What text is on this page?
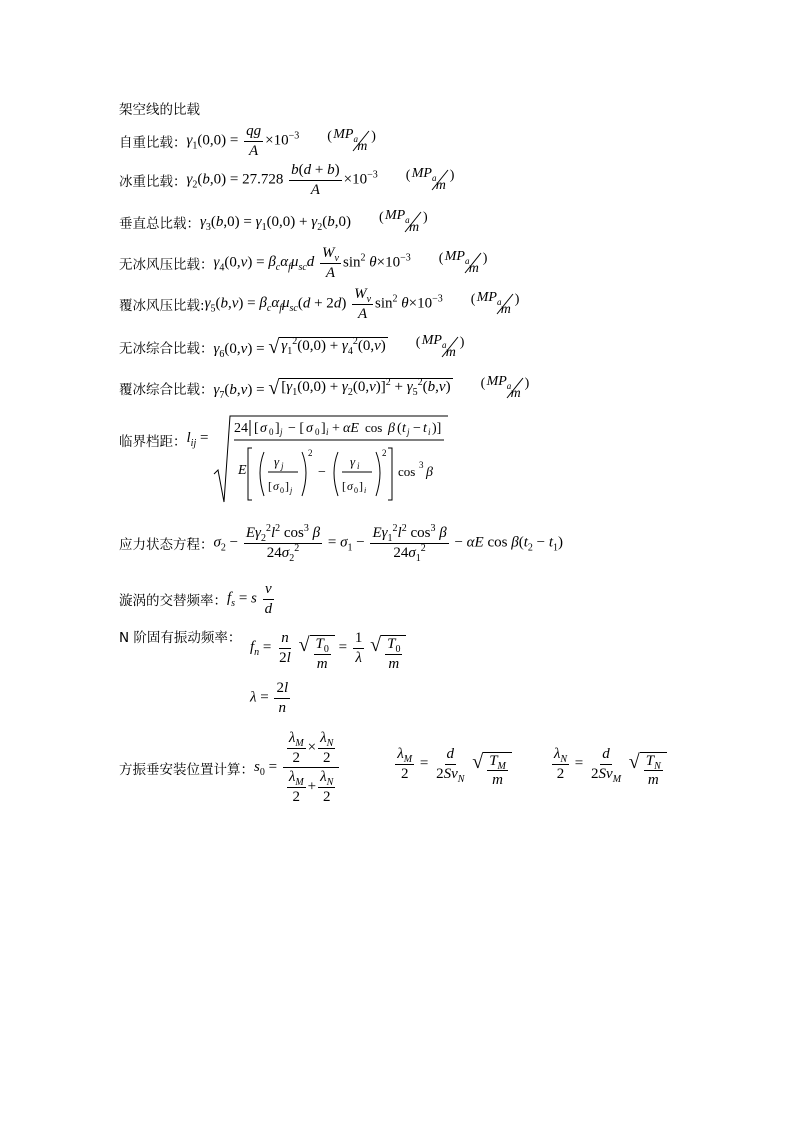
架空线的比载
自重比载： $\gamma_1(0,0) = \frac{qg}{A} \times 10^{-3}$ ( $MP_a$
m
)
冰重比载： $\gamma_2(b,0) = 27.728 \frac{b(d + b)}{A} \times 10^{-3}$ ( $MP_a$
m
)
垂直总比载： $\gamma_3(b,0) = \gamma_1(0,0) + \gamma_2(b,0)$ ( $MP_a$
m
)
无冰风压比载： $\gamma_4(0,v) = \beta_c\alpha_f\mu_{sc}d \frac{W_v}{A} \sin^2 \theta\times 10^{-3}$ ( $MP_a$
m
)
覆冰风压比载: $\gamma_5(b,v) = \beta_c\alpha_f\mu_{sc}(d + 2d) \frac{W_v}{A} \sin^2 \theta\times 10^{-3}$ ( $MP_a$
m
)
无冰综合比载： $\gamma_6(0,v)$ = √ $\gamma_1^2(0,0) + \gamma_4^2(0,v)$ ( $MP_a$
m
)
覆冰综合比载： $\gamma_7(b,v)$ = √ $[\gamma_1(0,0) + \gamma_2(0,v)]^2 + \gamma_5^2(b,v)$ ( $MP_a$
m
)
临界档距： $l_{ij}$ =
24 [ σ 0 ] j − [ σ 0 ] i + αE cos β ( t j − t i )]
E
γ j
[ σ 0 ] j
2
−
γ i
[ σ 0 ] i
2
cos 3 β
应力状态方程： $\sigma_2 - \frac{E\gamma_2^2l^2 \cos^3 \beta}{24\sigma_2^2} = \sigma_1 - \frac{E\gamma_1^2l^2 \cos^3 \beta}{24\sigma_1^2} - \alpha E$ $\cos \beta(t_2 - t_1)$
漩涡的交替频率： $f_s = s \frac{v}{d}$
N 阶固有振动频率：
$f_n = \frac{n}{2l}$
√ $\frac{T_0}{m} = \frac{1}{\lambda}$
√ $\frac{T_0}{m}$
$\lambda = \frac{2l}{n}$
方振垂安装位置计算： $s_0 = \frac{\frac{\lambda_M}{2} \times \frac{\lambda_N}{2}}{\frac{\lambda_M}{2} + \frac{\lambda_N}{2}}$	$\frac{\lambda_M}{2} = \frac{d}{2Sv_N}$
√ $\frac{T_M}{m}$	$\frac{\lambda_N}{2} = \frac{d}{2Sv_M}$
√ $\frac{T_N}{m}$
